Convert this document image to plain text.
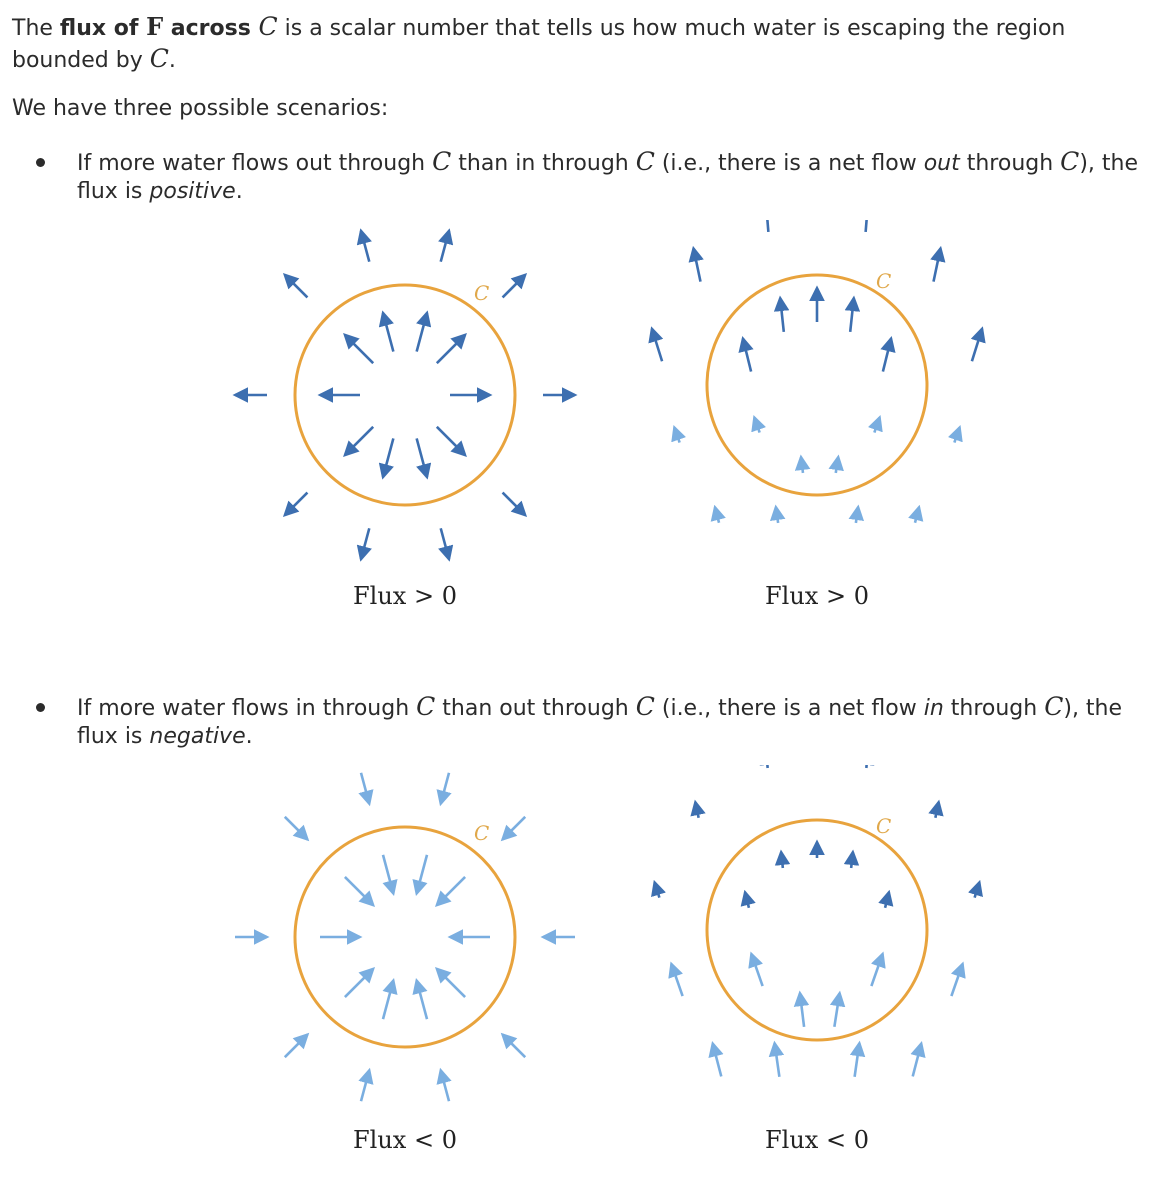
The flux of F across C is a scalar number that tells us how much water is escaping the region bounded by C.

We have three possible scenarios:

If more water flows out through C than in through C (i.e., there is a net flow out through C), the flux is positive.

C	C
Flux > 0	Flux > 0

If more water flows in through C than out through C (i.e., there is a net flow in through C), the flux is negative.

C	C
Flux < 0	Flux < 0
